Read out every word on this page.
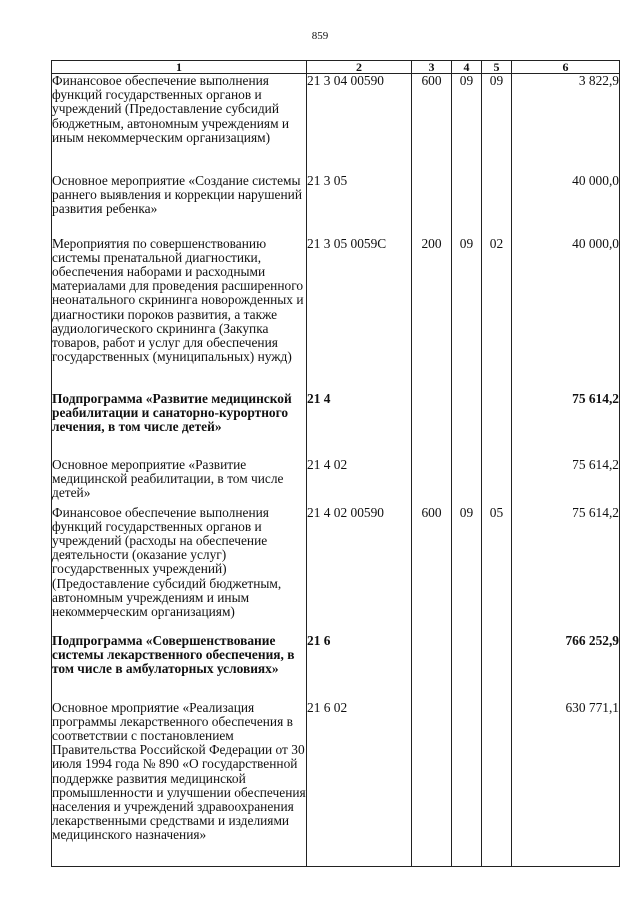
859
1	2	3	4	5	6
Финансовое обеспечение выполнения функций государственных органов и учреждений (Предоставление субсидий бюджетным, автономным учреждениям и иным некоммерческим организациям)	21 3 04 00590	600	09	09	3 822,9
Основное мероприятие «Создание системы раннего выявления и коррекции нарушений развития ребенка»	21 3 05				40 000,0
Мероприятия по совершенствованию системы пренатальной диагностики, обеспечения наборами и расходными материалами для проведения расширенного неонатального скрининга новорожденных и диагностики пороков развития, а также аудиологического скрининга (Закупка товаров, работ и услуг для обеспечения государственных (муниципальных) нужд)	21 3 05 0059С	200	09	02	40 000,0
Подпрограмма «Развитие медицинской реабилитации и санаторно-курортного лечения, в том числе детей»	21 4				75 614,2
Основное мероприятие «Развитие медицинской реабилитации, в том числе детей»	21 4 02				75 614,2
Финансовое обеспечение выполнения функций государственных органов и учреждений (расходы на обеспечение деятельности (оказание услуг) государственных учреждений) (Предоставление субсидий бюджетным, автономным учреждениям и иным некоммерческим организациям)	21 4 02 00590	600	09	05	75 614,2
Подпрограмма «Совершенствование системы лекарственного обеспечения, в том числе в амбулаторных условиях»	21 6				766 252,9
Основное мроприятие «Реализация программы лекарственного обеспечения в соответствии с постановлением Правительства Российской Федерации от 30 июля 1994 года № 890 «О государственной поддержке развития медицинской промышленности и улучшении обеспечения населения и учреждений здравоохранения лекарственными средствами и изделиями медицинского назначения»	21 6 02				630 771,1
